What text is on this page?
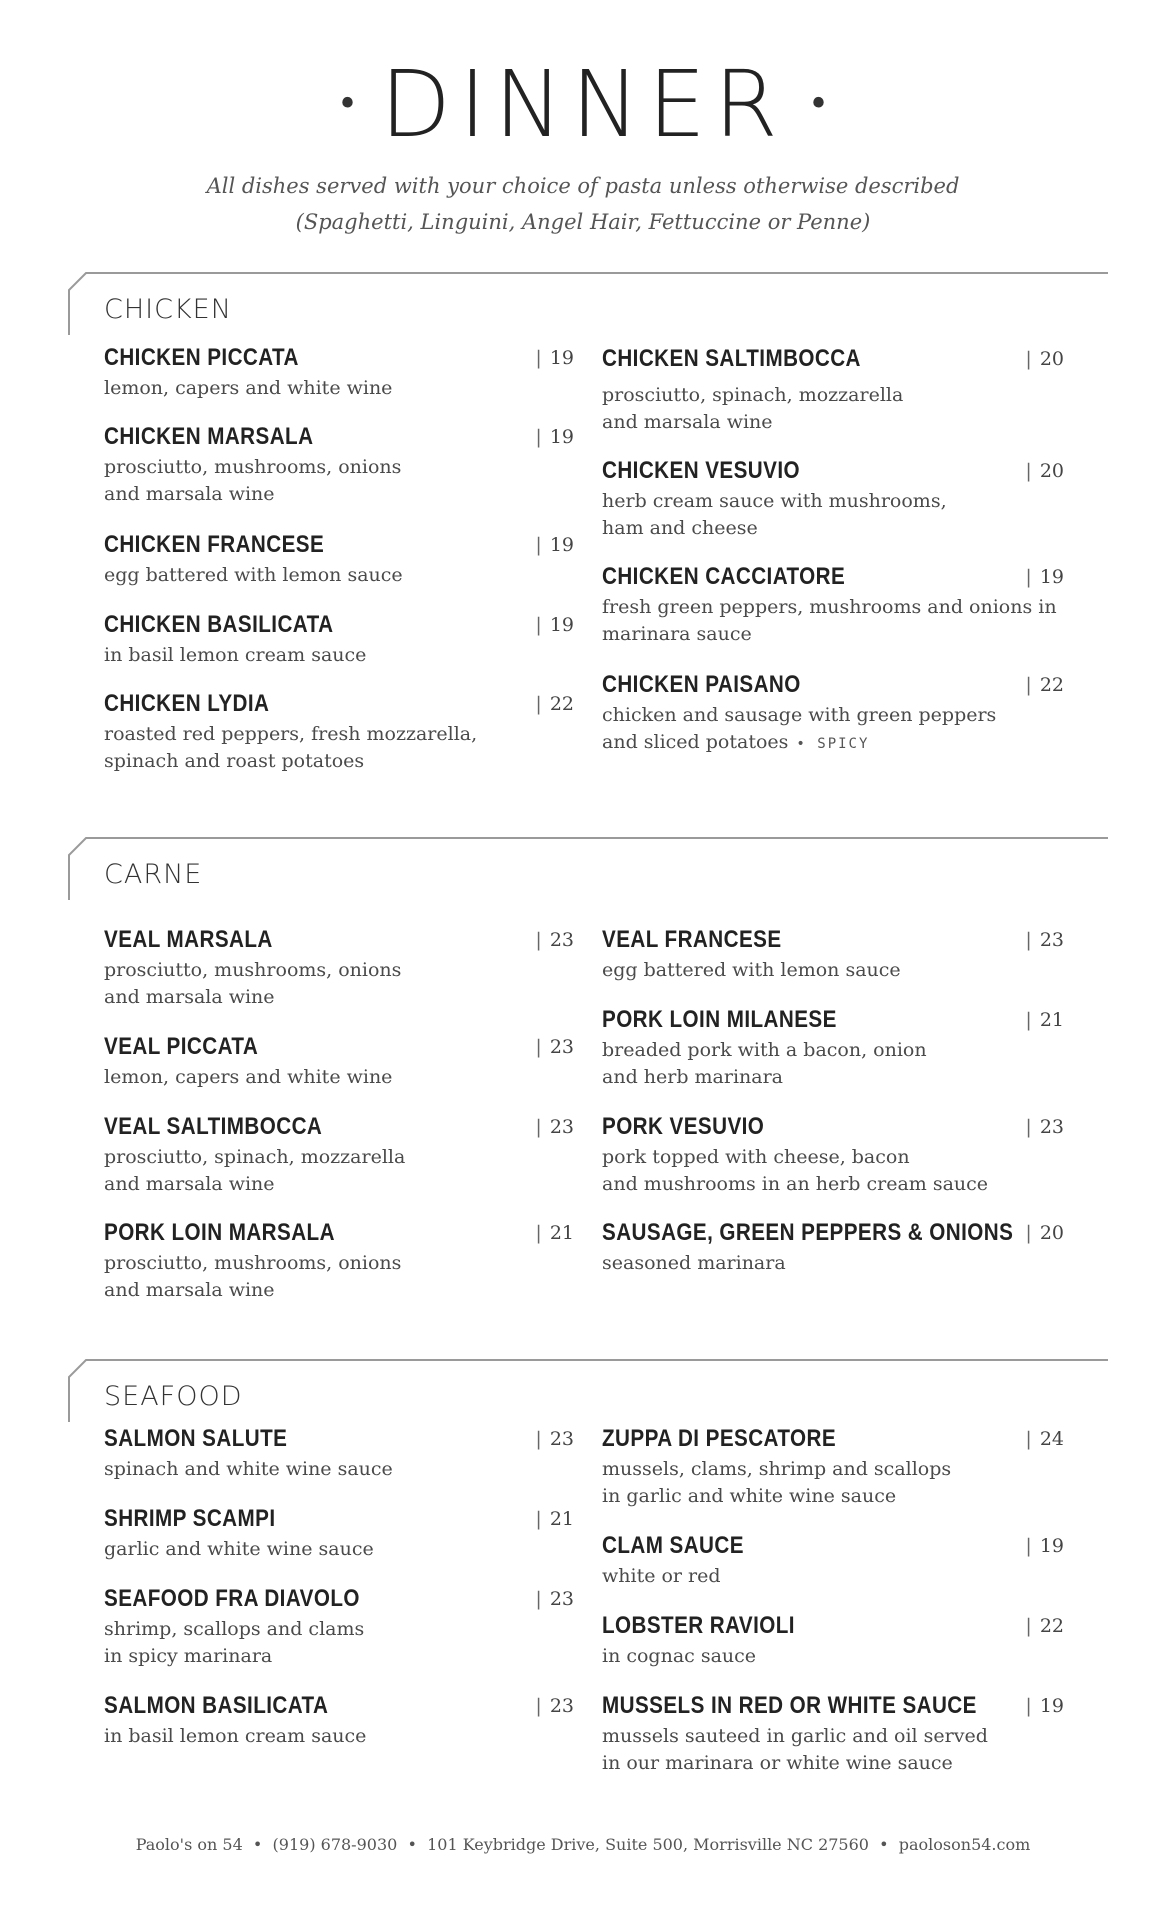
• DINNER •
All dishes served with your choice of pasta unless otherwise described
(Spaghetti, Linguini, Angel Hair, Fettuccine or Penne)
CHICKEN
CHICKEN PICCATA	| 19
lemon, capers and white wine
CHICKEN MARSALA	| 19
prosciutto, mushrooms, onions
and marsala wine
CHICKEN FRANCESE	| 19
egg battered with lemon sauce
CHICKEN BASILICATA	| 19
in basil lemon cream sauce
CHICKEN LYDIA	| 22
roasted red peppers, fresh mozzarella,
spinach and roast potatoes
CHICKEN SALTIMBOCCA	| 20
prosciutto, spinach, mozzarella
and marsala wine
CHICKEN VESUVIO	| 20
herb cream sauce with mushrooms,
ham and cheese
CHICKEN CACCIATORE	| 19
fresh green peppers, mushrooms and onions in
marinara sauce
CHICKEN PAISANO	| 22
chicken and sausage with green peppers
and sliced potatoes • SPICY
CARNE
VEAL MARSALA	| 23
prosciutto, mushrooms, onions
and marsala wine
VEAL PICCATA	| 23
lemon, capers and white wine
VEAL SALTIMBOCCA	| 23
prosciutto, spinach, mozzarella
and marsala wine
PORK LOIN MARSALA	| 21
prosciutto, mushrooms, onions
and marsala wine
VEAL FRANCESE	| 23
egg battered with lemon sauce
PORK LOIN MILANESE	| 21
breaded pork with a bacon, onion
and herb marinara
PORK VESUVIO	| 23
pork topped with cheese, bacon
and mushrooms in an herb cream sauce
SAUSAGE, GREEN PEPPERS & ONIONS | 20
seasoned marinara
SEAFOOD
SALMON SALUTE	| 23
spinach and white wine sauce
SHRIMP SCAMPI	| 21
garlic and white wine sauce
SEAFOOD FRA DIAVOLO	| 23
shrimp, scallops and clams
in spicy marinara
SALMON BASILICATA	| 23
in basil lemon cream sauce
ZUPPA DI PESCATORE	| 24
mussels, clams, shrimp and scallops
in garlic and white wine sauce
CLAM SAUCE	| 19
white or red
LOBSTER RAVIOLI	| 22
in cognac sauce
MUSSELS IN RED OR WHITE SAUCE	| 19
mussels sauteed in garlic and oil served
in our marinara or white wine sauce
Paolo's on 54 • (919) 678-9030 • 101 Keybridge Drive, Suite 500, Morrisville NC 27560 • paoloson54.com
